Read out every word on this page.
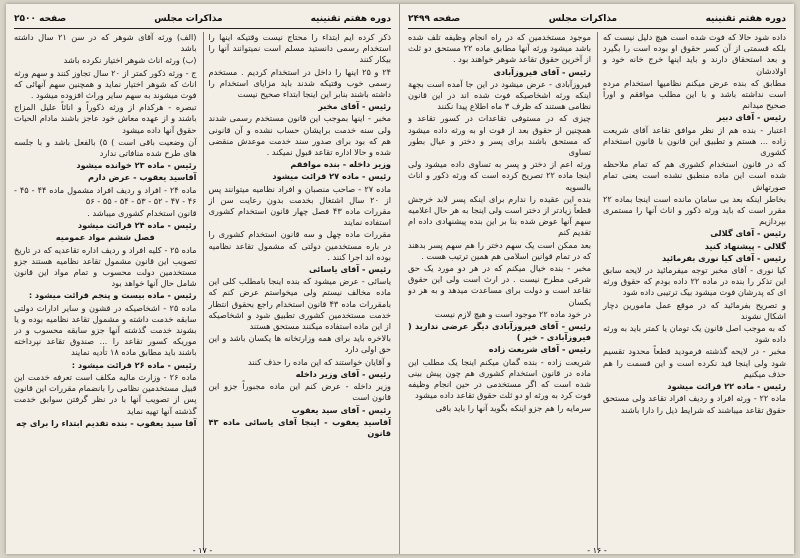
دوره هفتم تقنینیه
مذاکرات مجلس
صفحه ۲۵۰۰

(الف) ورثه آقای شوهر که در سن ۲۱ سال داشته باشد

(ب) ورثه اناث شوهر اختیار نکرده باشد

ج - ورثه ذکور کمتر از ۲۰ سال تجاوز کنند و سهم ورثه اناث که شوهر اختیار نماید و همچنین سهم آنهائی که فوت میشوند به سهم سایر وراث افزوده میشود .

تبصره - هرکدام از ورثه ذکوراً و اناثاً علیل المزاج باشند و از عهده معاش خود عاجز باشند مادام الحیات حقوق آنها داده میشود

آن وضعیت باقی است ) ۵) بالفعل باشد و با جلسه های طرح شده منافاتی ندارد

رئیس - ماده ۲۳ خوانده میشود

آقاسید یعقوب - عرض دارم

ماده ۲۴ - افراد و ردیف افراد مشمول ماده ۴۴ - ۴۵ - ۴۶ - ۴۷ - ۵۲ - ۵۳ - ۵۴ - ۵۵ - ۵۶

قانون استخدام کشوری میباشد .

رئیس - ماده ۲۴ قرائت میشود

فصل ششم مواد عمومیه

ماده ۲۵ - کلیه افراد و ردیف اداره تقاعدیه که در تاریخ تصویب این قانون مشمول تقاعد نظامیه هستند جزو مستخدمین دولت محسوب و تمام مواد این قانون شامل حال آنها خواهد بود

رئیس - ماده بیست و پنجم قرائت میشود :

ماده ۲۵ - اشخاصیکه در قشون و سایر ادارات دولتی سابقه خدمت داشته و مشمول تقاعد نظامیه بوده و یا بشوند خدمت گذشته آنها جزو سابقه محسوب و در موریکه کسور تقاعد را ... صندوق تقاعد نپرداخته باشند باید مطابق ماده ۱۸ تأدیه نمایند

رئیس - ماده ۲۶ قرائت میشود :

ماده ۲۶ - وزارت مالیه مکلف است تعرفه خدمت این قبیل مستخدمین نظامی را بانضمام مقررات این قانون پس از تصویب آنها با در نظر گرفتن سوابق خدمت گذشته آنها تهیه نماید

آقا سید یعقوب - بنده تقدیم ابتداء را برای چه

ذکر کرده ایم ابتداء را محتاج نیست وقتیکه اینها را استخدام رسمی دانستید مسلم است نمیتوانند آنها را بیکار کنند

۲۴ و ۲۵ اینها را داخل در استخدام کردیم . مستخدم رسمی خوب وقتیکه شدند باید مزایای استخدام را داشته باشند بنابر این اینجا ابتداء صحیح نیست

رئیس - آقای مخبر

مخبر - اینها بموجب این قانون مستخدم رسمی شدند ولی سنه خدمت برایشان حساب نشده و آن قانونی هم که بود برای صدور سند خدمت موعدش منقضی شده و حالا اداره تقاعد قبول نمیکند .

وزیر داخله - بنده موافقم

رئیس - ماده ۲۷ قرائت میشود

ماده ۲۷ - صاحب منصبان و افراد نظامیه میتوانند پس از ۲۰ سال اشتغال بخدمت بدون رعایت سن از مقررات ماده ۴۳ فصل چهار قانون استخدام کشوری استفاده نمایند

مقررات ماده چهل و سه قانون استخدام کشوری را در باره مستخدمین دولتی که مشمول تقاعد نظامیه بوده اند اجرا کنند .

رئیس - آقای یاسائی

یاسائی - عرض میشود که بنده اینجا بامطلب کلی این ماده مخالف نیستم ولی میخواستم عرض کنم که بامقررات ماده ۴۳ قانون استخدام راجع بحقوق انتظار خدمت مستخدمین کشوری تطبیق شود و اشخاصیکه از این ماده استفاده میکنند مستحق هستند

بالاخره باید برای همه وزارتخانه ها یکسان باشد و این حق اولی دارد

و آقایان خواستند که این ماده را حذف کنند

رئیس - آقای وزیر داخله

وزیر داخله - عرض کنم این ماده مجبوراً جزو این قانون است

رئیس - آقای سید یعقوب

آقاسید یعقوب - اینجا آقای یاسائی ماده ۴۳ قانون

- ۱۷ -
دوره هفتم تقنینیه
مذاکرات مجلس
صفحه ۲۴۹۹

موجود مستخدمین که در راه انجام وظیفه تلف شده باشد میشود ورثه آنها مطابق ماده ۲۲ مستحق دو ثلث از آخرین حقوق تقاعد شوهر خواهند بود .

رئیس - آقای فیروزآبادی

فیروزآبادی - عرض میشود در این جا آمده است بجهة اینکه ورثه اشخاصیکه فوت شده اند در این قانون نظامی هستند که ظرف ۳ ماه اطلاع پیدا نکنند

چیزی که در مستوفی تقاعدات در کسور تقاعد و همچنین از حقوق بعد از فوت او به ورثه داده میشود که مستحق باشند برای پسر و دختر و عیال بطور تساوی

ورثه اعم از دختر و پسر به تساوی داده میشود ولی اینجا ماده ۲۲ تصریح کرده است که ورثه ذکور و اناث بالسویه

بنده این عقیده را ندارم برای اینکه پسر لابد خرجش قطعاً زیادتر از دختر است ولی اینجا به هر حال اعلامیه سهم آنها عوض شده بنا بر این بنده پیشنهادی داده ام تقدیم کنم

بعد ممکن است یک سهم دختر را هم سهم پسر بدهند که در تمام قوانین اسلامی هم همین ترتیب هست .

مخبر - بنده خیال میکنم که در هر دو مورد یک حق شرعی مطرح نیست . در ارث است ولی این حقوق تقاعد است و دولت برای مساعدت میدهد و به هر دو یکسان

در خود ماده ۲۲ موجود است و هیچ لازم نیست

رئیس - آقای فیروزآبادی دیگر عرضی ندارید ( فیروزآبادی - خیر )

رئیس - آقای شریعت زاده

شریعت زاده - بنده گمان میکنم اینجا یک مطلب این ماده در قانون استخدام کشوری هم چون پیش بینی شده است که اگر مستخدمی در حین انجام وظیفه فوت کرد به ورثه او دو ثلث حقوق تقاعد داده میشود

سرمایه را هم جزو اینکه بگوید آنها را باید باقی

داده شود حالا که فوت شده است هیچ دلیل نیست که بلکه قسمتی از آن کسر حقوق او بوده است را بگیرد و بعد استحقاق دارند و باید اینها خرج خانه خود و اولادشان

مطابق که بنده عرض میکنم نظامیها استخدام مرده است نداشته باشد و با این مطلب موافقم و اوراً صحیح میدانم

رئیس - آقای دبیر

اعتبار - بنده هم از نظر موافق تقاعد آقای شریعت زاده ... هستم و تطبیق این قانون با قانون استخدام کشوری

که در قانون استخدام کشوری هم که تمام ملاحظه شده است این ماده منطبق نشده است یعنی تمام صورتهاش

بخاطر اینکه بعد بی سامان مانده است اینجا بماده ۲۲ مقرر است که باید ورثه ذکور و اناث آنها را مستمری بپردازیم

رئیس - آقای گلالی

گلالی - پیشنهاد کنید

رئیس - آقای کیا نوری بفرمائید

کیا نوری - آقای مخبر توجه میفرمائید در لایحه سابق این تذکر را بنده در ماده ۲۲ داده بودم که حقوق ورثه ای که پدرشان فوت میشود بیک ترتیبی داده شود

و تصریح بفرمائید که در موقع عمل مامورین دچار اشکال نشوند

که به موجب اصل قانون یک تومان یا کمتر باید به ورثه داده شود

مخبر - در لایحه گذشته فرمودید قطعاً محدود تقسیم شود ولی اینجا قید نکرده است و این قسمت را هم حذف میکنیم

رئیس - ماده ۲۲ قرائت میشود

ماده ۲۲ - ورثه افراد و ردیف افراد تقاعد ولی مستحق حقوق تقاعد میباشند که شرایط ذیل را دارا باشند

- ۱۶ -
